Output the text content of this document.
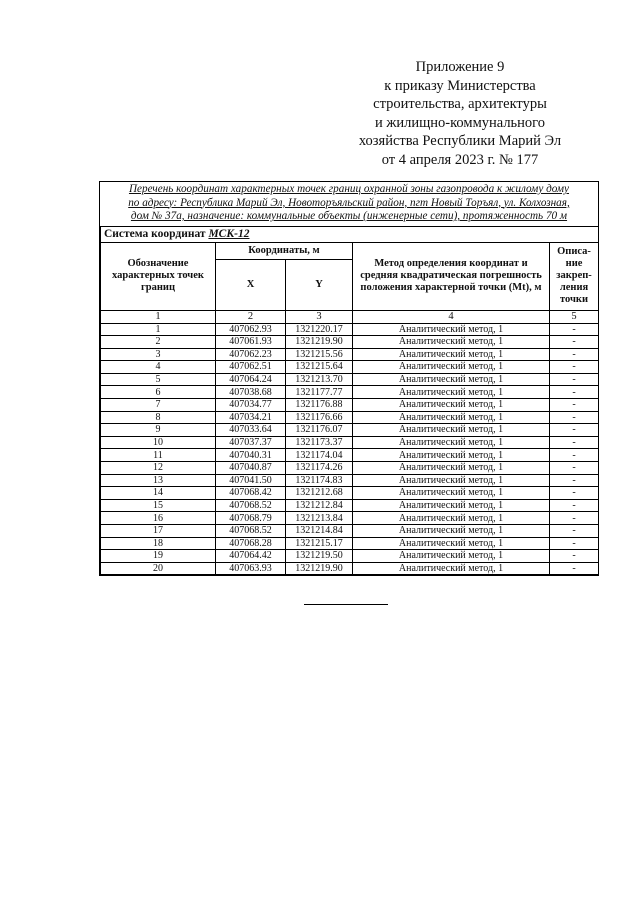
Приложение 9
к приказу Министерства
строительства, архитектуры
и жилищно-коммунального
хозяйства Республики Марий Эл
от 4 апреля 2023 г. № 177
Перечень координат характерных точек границ охранной зоны газопровода к жилому дому
по адресу: Республика Марий Эл, Новоторъяльский район, пгт Новый Торъял, ул. Колхозная,
дом № 37а, назначение: коммунальные объекты (инженерные сети), протяженность 70 м
Система координат МСК-12				
Обозначение характерных точек границ	Координаты, м		Метод определения координат и средняя квадратическая погрешность положения характерной точки (Mt), м	Описа-ние закреп-ления точки
	X	Y		
1	2	3	4	5
1	407062.93	1321220.17	Аналитический метод, 1	-
2	407061.93	1321219.90	Аналитический метод, 1	-
3	407062.23	1321215.56	Аналитический метод, 1	-
4	407062.51	1321215.64	Аналитический метод, 1	-
5	407064.24	1321213.70	Аналитический метод, 1	-
6	407038.68	1321177.77	Аналитический метод, 1	-
7	407034.77	1321176.88	Аналитический метод, 1	-
8	407034.21	1321176.66	Аналитический метод, 1	-
9	407033.64	1321176.07	Аналитический метод, 1	-
10	407037.37	1321173.37	Аналитический метод, 1	-
11	407040.31	1321174.04	Аналитический метод, 1	-
12	407040.87	1321174.26	Аналитический метод, 1	-
13	407041.50	1321174.83	Аналитический метод, 1	-
14	407068.42	1321212.68	Аналитический метод, 1	-
15	407068.52	1321212.84	Аналитический метод, 1	-
16	407068.79	1321213.84	Аналитический метод, 1	-
17	407068.52	1321214.84	Аналитический метод, 1	-
18	407068.28	1321215.17	Аналитический метод, 1	-
19	407064.42	1321219.50	Аналитический метод, 1	-
20	407063.93	1321219.90	Аналитический метод, 1	-
